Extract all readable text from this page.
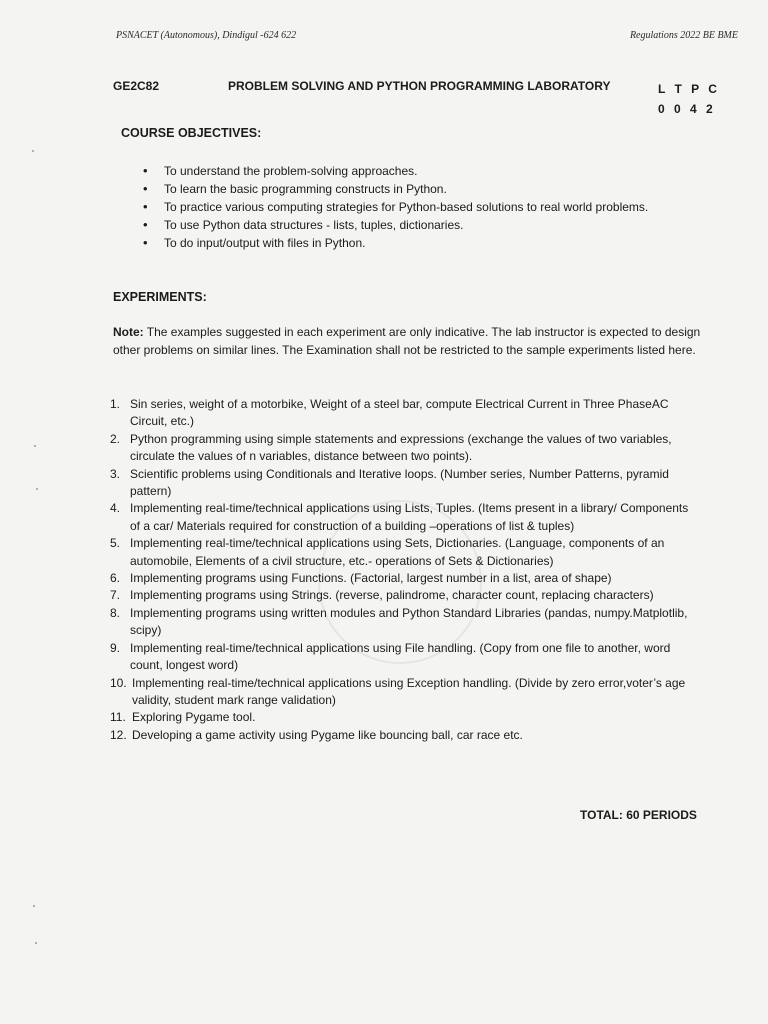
PSNACET (Autonomous), Dindigul -624 622	Regulations 2022 BE BME
GE2C82	PROBLEM SOLVING AND PYTHON PROGRAMMING LABORATORY	L T P C
0 0 4 2
COURSE OBJECTIVES:
• To understand the problem-solving approaches.
• To learn the basic programming constructs in Python.
• To practice various computing strategies for Python-based solutions to real world problems.
• To use Python data structures - lists, tuples, dictionaries.
• To do input/output with files in Python.
EXPERIMENTS:
Note: The examples suggested in each experiment are only indicative. The lab instructor is expected to design other problems on similar lines. The Examination shall not be restricted to the sample experiments listed here.
1. Sin series, weight of a motorbike, Weight of a steel bar, compute Electrical Current in Three PhaseAC Circuit, etc.)
2. Python programming using simple statements and expressions (exchange the values of two variables, circulate the values of n variables, distance between two points).
3. Scientific problems using Conditionals and Iterative loops. (Number series, Number Patterns, pyramid pattern)
4. Implementing real-time/technical applications using Lists, Tuples. (Items present in a library/ Components of a car/ Materials required for construction of a building –operations of list & tuples)
5. Implementing real-time/technical applications using Sets, Dictionaries. (Language, components of an automobile, Elements of a civil structure, etc.- operations of Sets & Dictionaries)
6. Implementing programs using Functions. (Factorial, largest number in a list, area of shape)
7. Implementing programs using Strings. (reverse, palindrome, character count, replacing characters)
8. Implementing programs using written modules and Python Standard Libraries (pandas, numpy.Matplotlib, scipy)
9. Implementing real-time/technical applications using File handling. (Copy from one file to another, word count, longest word)
10. Implementing real-time/technical applications using Exception handling. (Divide by zero error,voter’s age validity, student mark range validation)
11. Exploring Pygame tool.
12. Developing a game activity using Pygame like bouncing ball, car race etc.
TOTAL: 60 PERIODS
